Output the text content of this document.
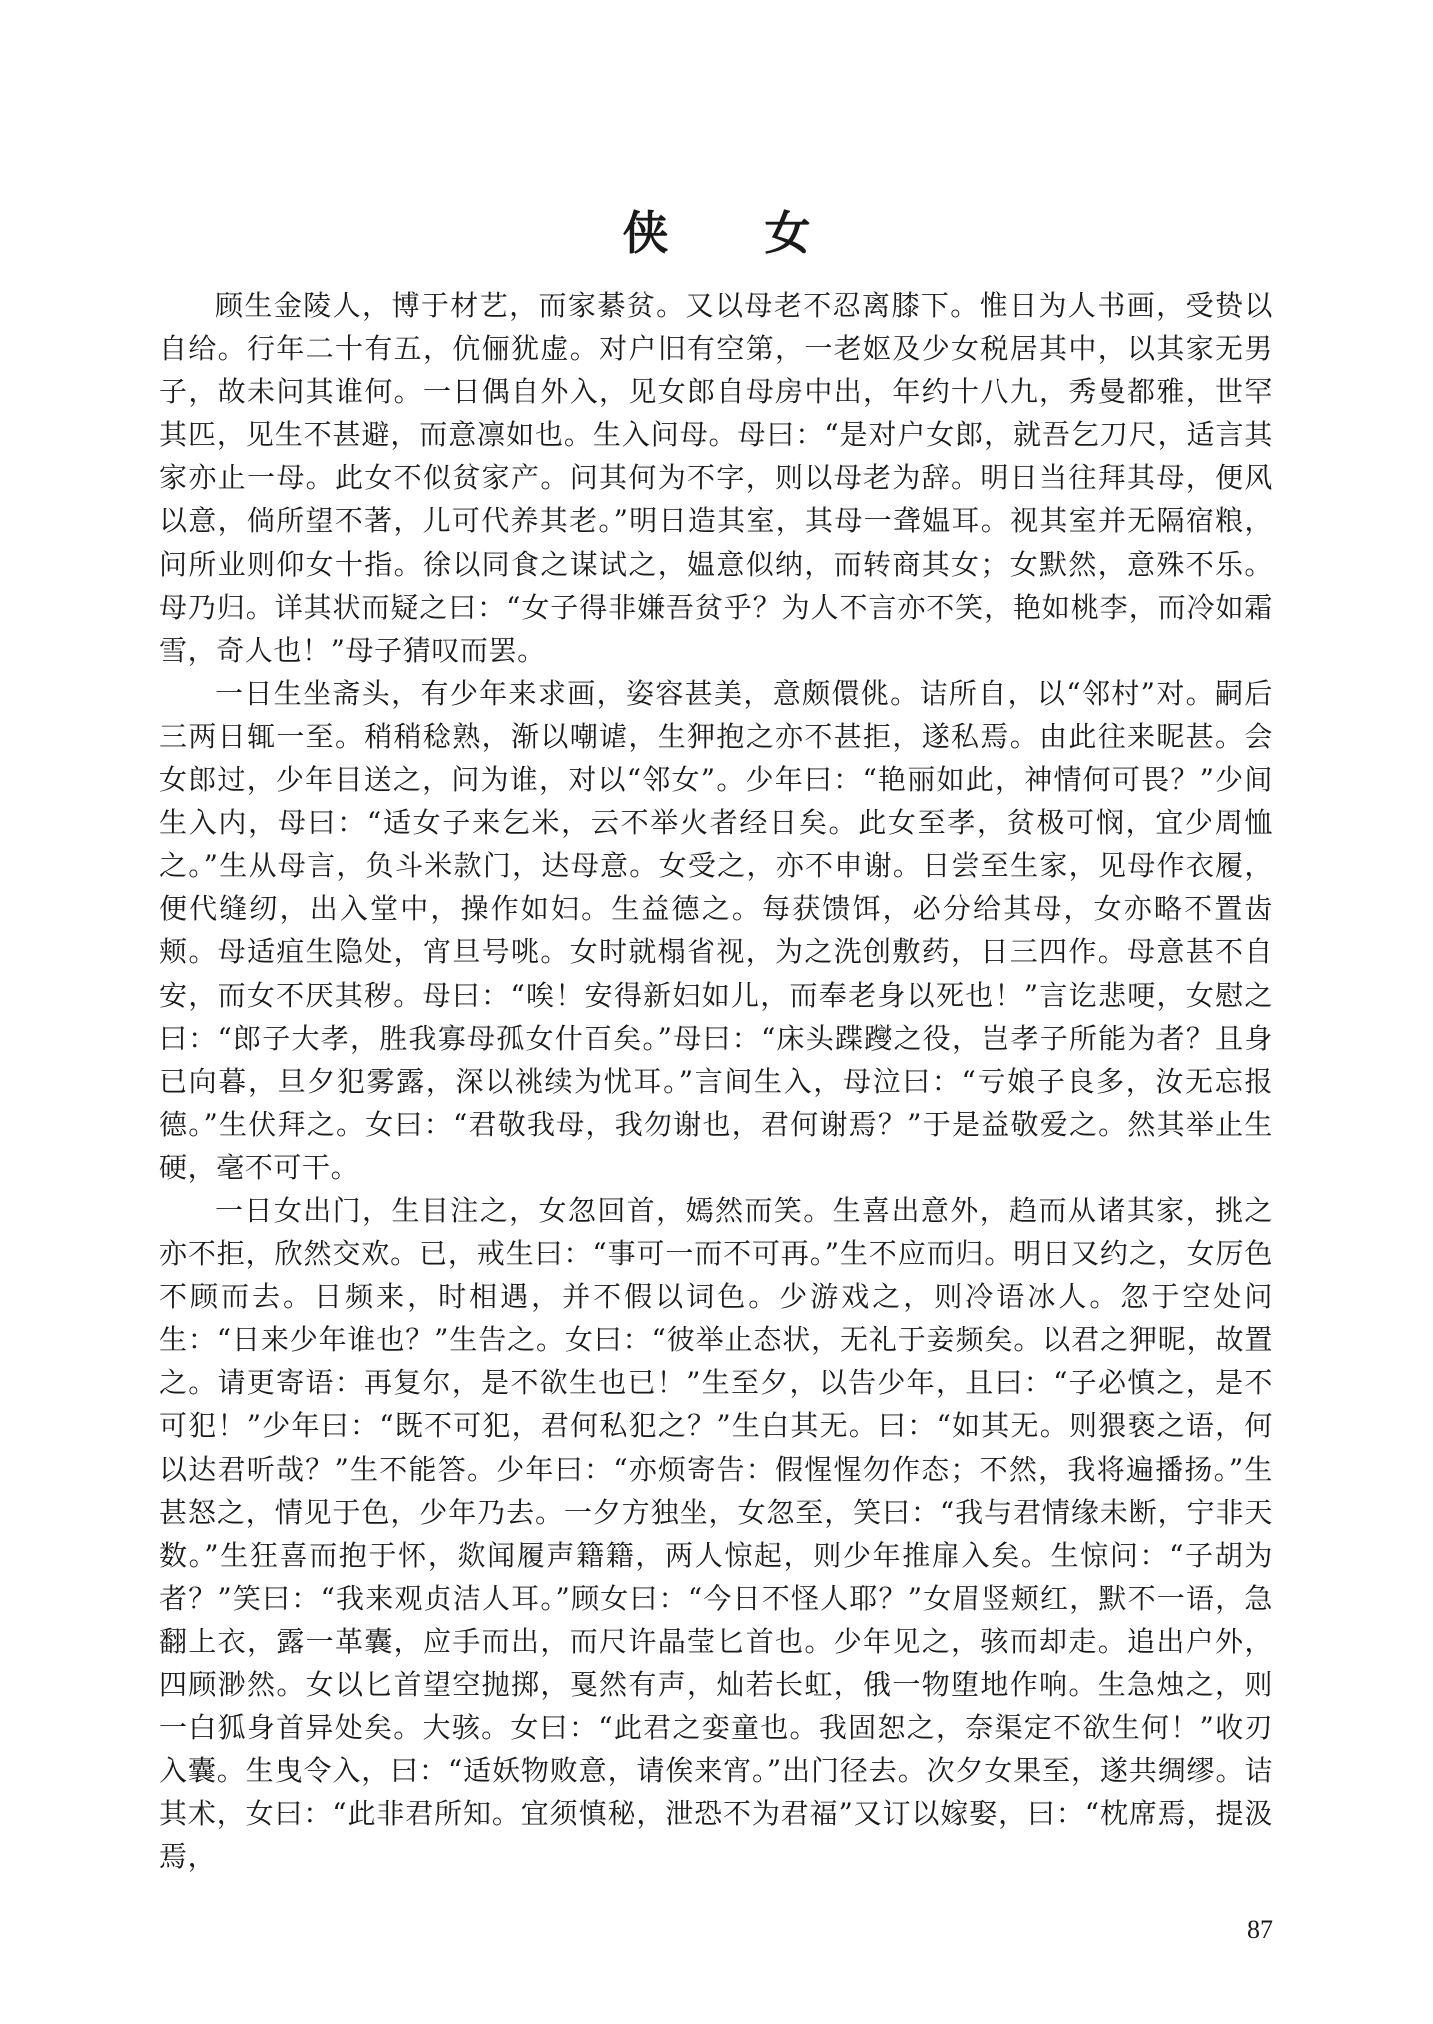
侠 女

顾生金陵人，博于材艺，而家綦贫。又以母老不忍离膝下。惟日为人书画，受贽以自给。行年二十有五，伉俪犹虚。对户旧有空第，一老妪及少女税居其中，以其家无男子，故未问其谁何。一日偶自外入，见女郎自母房中出，年约十八九，秀曼都雅，世罕其匹，见生不甚避，而意凛如也。生入问母。母曰：“是对户女郎，就吾乞刀尺，适言其家亦止一母。此女不似贫家产。问其何为不字，则以母老为辞。明日当往拜其母，便风以意，倘所望不著，儿可代养其老。”明日造其室，其母一聋媪耳。视其室并无隔宿粮，问所业则仰女十指。徐以同食之谋试之，媪意似纳，而转商其女；女默然，意殊不乐。母乃归。详其状而疑之曰：“女子得非嫌吾贫乎？为人不言亦不笑，艳如桃李，而冷如霜雪，奇人也！”母子猜叹而罢。

一日生坐斋头，有少年来求画，姿容甚美，意颇儇佻。诘所自，以“邻村”对。嗣后三两日辄一至。稍稍稔熟，渐以嘲谑，生狎抱之亦不甚拒，遂私焉。由此往来昵甚。会女郎过，少年目送之，问为谁，对以“邻女”。少年曰：“艳丽如此，神情何可畏？”少间生入内，母曰：“适女子来乞米，云不举火者经日矣。此女至孝，贫极可悯，宜少周恤之。”生从母言，负斗米款门，达母意。女受之，亦不申谢。日尝至生家，见母作衣履，便代缝纫，出入堂中，操作如妇。生益德之。每获馈饵，必分给其母，女亦略不置齿颊。母适疽生隐处，宵旦号咷。女时就榻省视，为之洗创敷药，日三四作。母意甚不自安，而女不厌其秽。母曰：“唉！安得新妇如儿，而奉老身以死也！”言讫悲哽，女慰之曰：“郎子大孝，胜我寡母孤女什百矣。”母曰：“床头蹀躞之役，岂孝子所能为者？且身已向暮，旦夕犯雾露，深以祧续为忧耳。”言间生入，母泣曰：“亏娘子良多，汝无忘报德。”生伏拜之。女曰：“君敬我母，我勿谢也，君何谢焉？”于是益敬爱之。然其举止生硬，毫不可干。

一日女出门，生目注之，女忽回首，嫣然而笑。生喜出意外，趋而从诸其家，挑之亦不拒，欣然交欢。已，戒生曰：“事可一而不可再。”生不应而归。明日又约之，女厉色不顾而去。日频来，时相遇，并不假以词色。少游戏之，则冷语冰人。忽于空处问生：“日来少年谁也？”生告之。女曰：“彼举止态状，无礼于妾频矣。以君之狎昵，故置之。请更寄语：再复尔，是不欲生也已！”生至夕，以告少年，且曰：“子必慎之，是不可犯！”少年曰：“既不可犯，君何私犯之？”生白其无。曰：“如其无。则猥亵之语，何以达君听哉？”生不能答。少年曰：“亦烦寄告：假惺惺勿作态；不然，我将遍播扬。”生甚怒之，情见于色，少年乃去。一夕方独坐，女忽至，笑曰：“我与君情缘未断，宁非天数。”生狂喜而抱于怀，欻闻履声籍籍，两人惊起，则少年推扉入矣。生惊问：“子胡为者？”笑曰：“我来观贞洁人耳。”顾女曰：“今日不怪人耶？”女眉竖颊红，默不一语，急翻上衣，露一革囊，应手而出，而尺许晶莹匕首也。少年见之，骇而却走。追出户外，四顾渺然。女以匕首望空抛掷，戛然有声，灿若长虹，俄一物堕地作响。生急烛之，则一白狐身首异处矣。大骇。女曰：“此君之娈童也。我固恕之，奈渠定不欲生何！”收刃入囊。生曳令入，曰：“适妖物败意，请俟来宵。”出门径去。次夕女果至，遂共绸缪。诘其术，女曰：“此非君所知。宜须慎秘，泄恐不为君福”又订以嫁娶，曰：“枕席焉，提汲焉，

87
